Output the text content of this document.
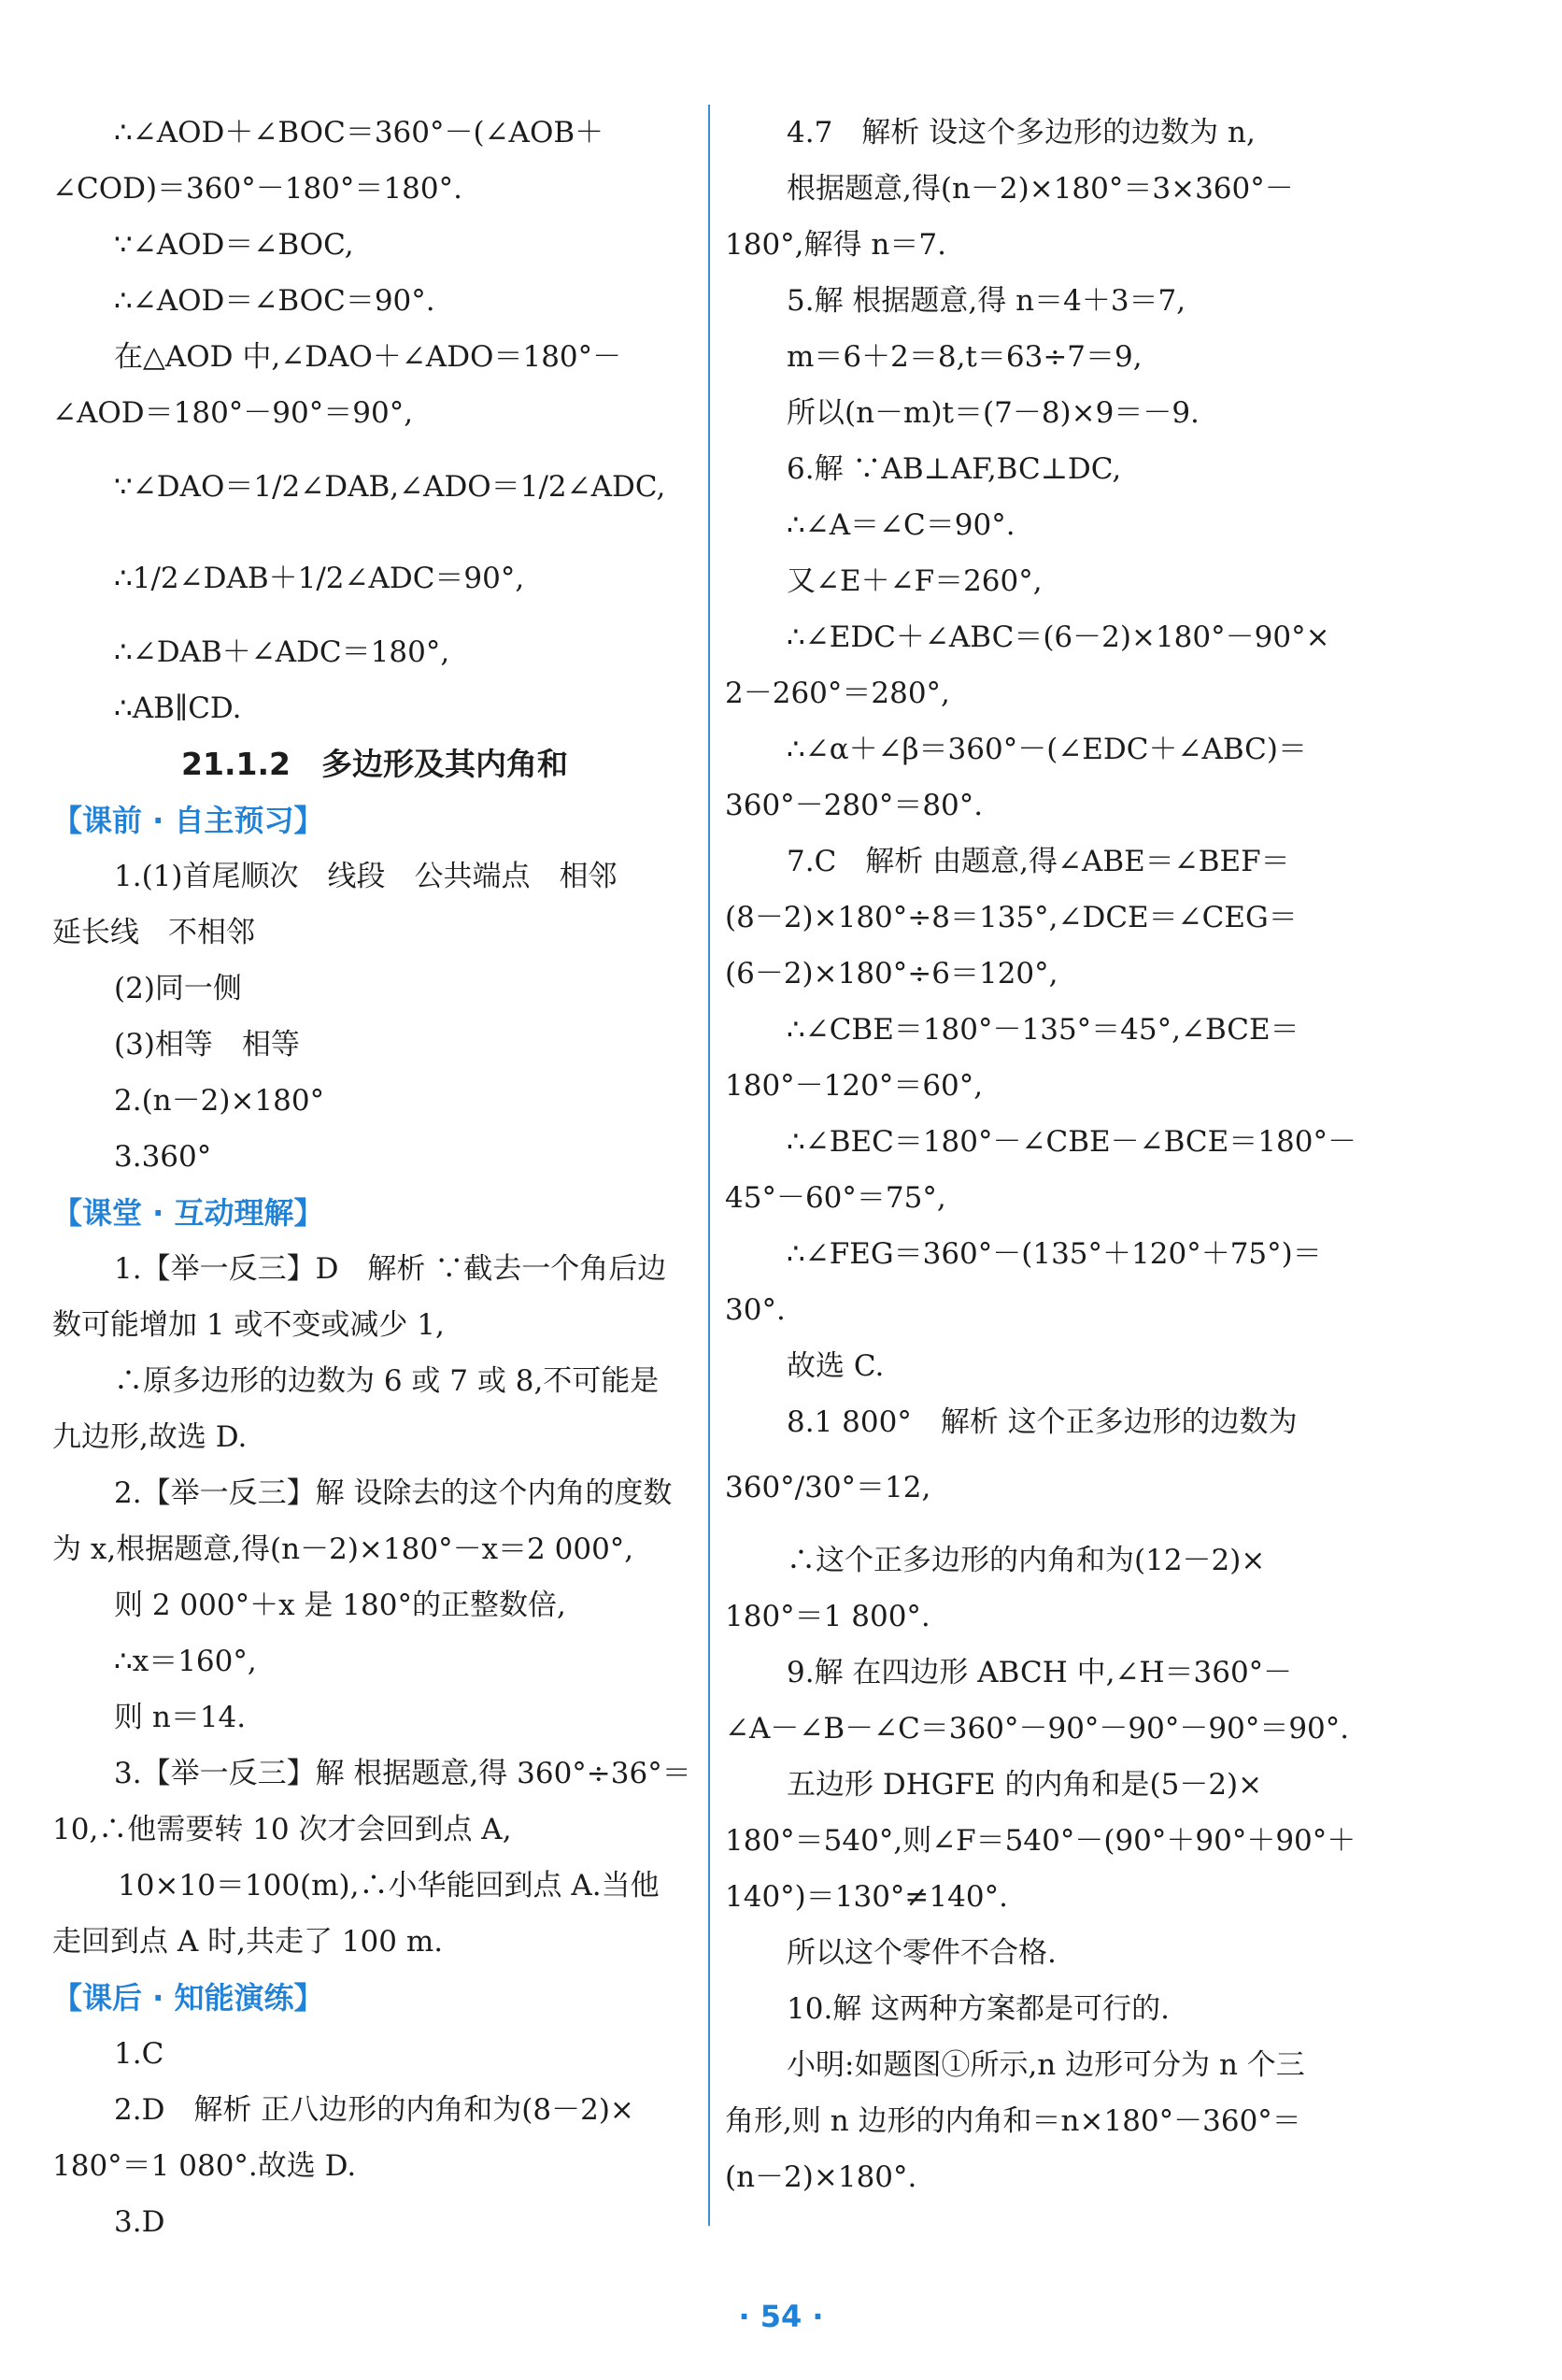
∴∠AOD＋∠BOC＝360°－(∠AOB＋
∠COD)＝360°－180°＝180°.
∵∠AOD＝∠BOC,
∴∠AOD＝∠BOC＝90°.
在△AOD 中,∠DAO＋∠ADO＝180°－
∠AOD＝180°－90°＝90°,
∵∠DAO＝1/2∠DAB,∠ADO＝1/2∠ADC,
∴1/2∠DAB＋1/2∠ADC＝90°,
∴∠DAB＋∠ADC＝180°,
∴AB∥CD.
21.1.2　多边形及其内角和
【课前 · 自主预习】
1.(1)首尾顺次　线段　公共端点　相邻
延长线　不相邻
(2)同一侧
(3)相等　相等
2.(n－2)×180°
3.360°
【课堂 · 互动理解】
1.【举一反三】D　解析 ∵截去一个角后边
数可能增加 1 或不变或减少 1,
∴原多边形的边数为 6 或 7 或 8,不可能是
九边形,故选 D.
2.【举一反三】解 设除去的这个内角的度数
为 x,根据题意,得(n－2)×180°－x＝2 000°,
则 2 000°＋x 是 180°的正整数倍,
∴x＝160°,
则 n＝14.
3.【举一反三】解 根据题意,得 360°÷36°＝
10,∴他需要转 10 次才会回到点 A,
10×10＝100(m),∴小华能回到点 A.当他
走回到点 A 时,共走了 100 m.
【课后 · 知能演练】
1.C
2.D　解析 正八边形的内角和为(8－2)×
180°＝1 080°.故选 D.
3.D
4.7　解析 设这个多边形的边数为 n,
根据题意,得(n－2)×180°＝3×360°－
180°,解得 n＝7.
5.解 根据题意,得 n＝4＋3＝7,
m＝6＋2＝8,t＝63÷7＝9,
所以(n－m)t＝(7－8)×9＝－9.
6.解 ∵AB⊥AF,BC⊥DC,
∴∠A＝∠C＝90°.
又∠E＋∠F＝260°,
∴∠EDC＋∠ABC＝(6－2)×180°－90°×
2－260°＝280°,
∴∠α＋∠β＝360°－(∠EDC＋∠ABC)＝
360°－280°＝80°.
7.C　解析 由题意,得∠ABE＝∠BEF＝
(8－2)×180°÷8＝135°,∠DCE＝∠CEG＝
(6－2)×180°÷6＝120°,
∴∠CBE＝180°－135°＝45°,∠BCE＝
180°－120°＝60°,
∴∠BEC＝180°－∠CBE－∠BCE＝180°－
45°－60°＝75°,
∴∠FEG＝360°－(135°＋120°＋75°)＝
30°.
故选 C.
8.1 800°　解析 这个正多边形的边数为
360°/30°＝12,
∴这个正多边形的内角和为(12－2)×
180°＝1 800°.
9.解 在四边形 ABCH 中,∠H＝360°－
∠A－∠B－∠C＝360°－90°－90°－90°＝90°.
五边形 DHGFE 的内角和是(5－2)×
180°＝540°,则∠F＝540°－(90°＋90°＋90°＋
140°)＝130°≠140°.
所以这个零件不合格.
10.解 这两种方案都是可行的.
小明:如题图①所示,n 边形可分为 n 个三
角形,则 n 边形的内角和＝n×180°－360°＝
(n－2)×180°.
· 54 ·
